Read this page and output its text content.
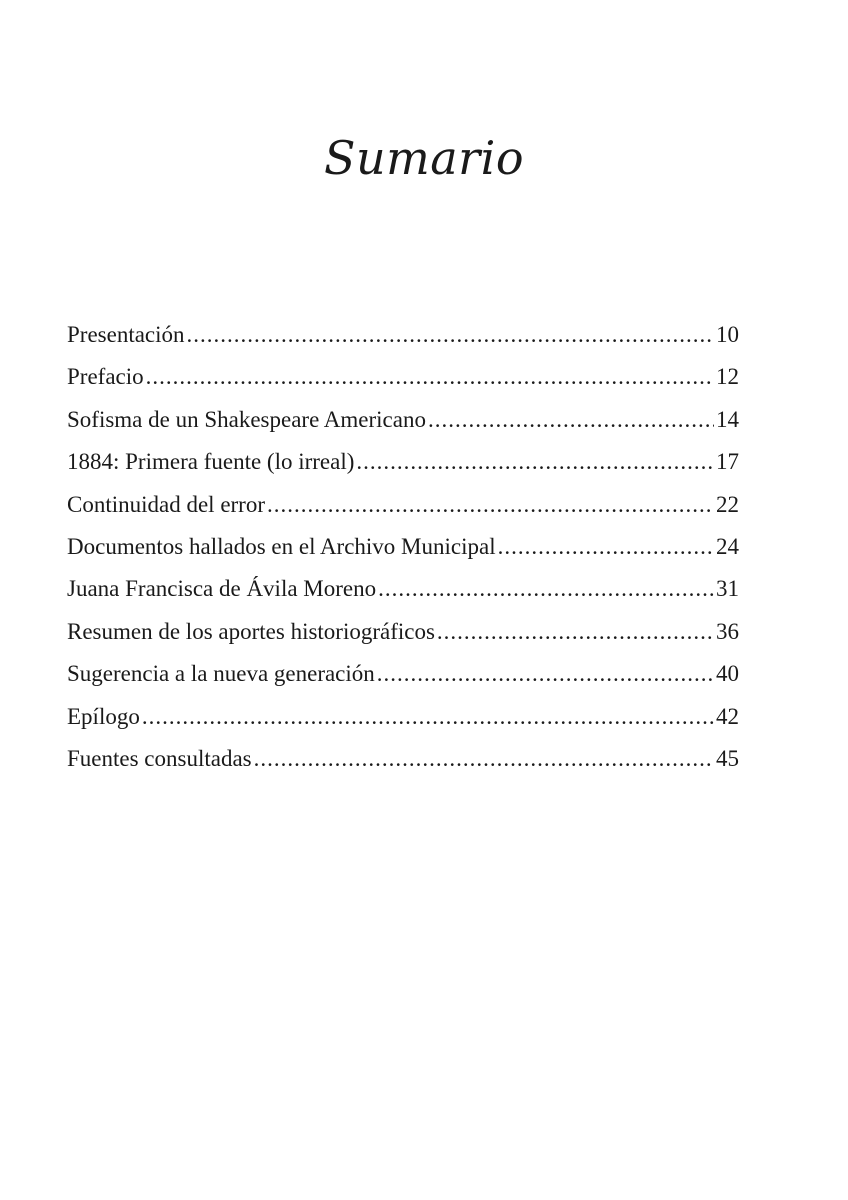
Sumario
Presentación .....	10
Prefacio .....	12
Sofisma de un Shakespeare Americano .....	14
1884: Primera fuente (lo irreal) .....	17
Continuidad del error .....	22
Documentos hallados en el Archivo Municipal .....	24
Juana Francisca de Ávila Moreno .....	31
Resumen de los aportes historiográficos .....	36
Sugerencia a la nueva generación .....	40
Epílogo .....	42
Fuentes consultadas .....	45
